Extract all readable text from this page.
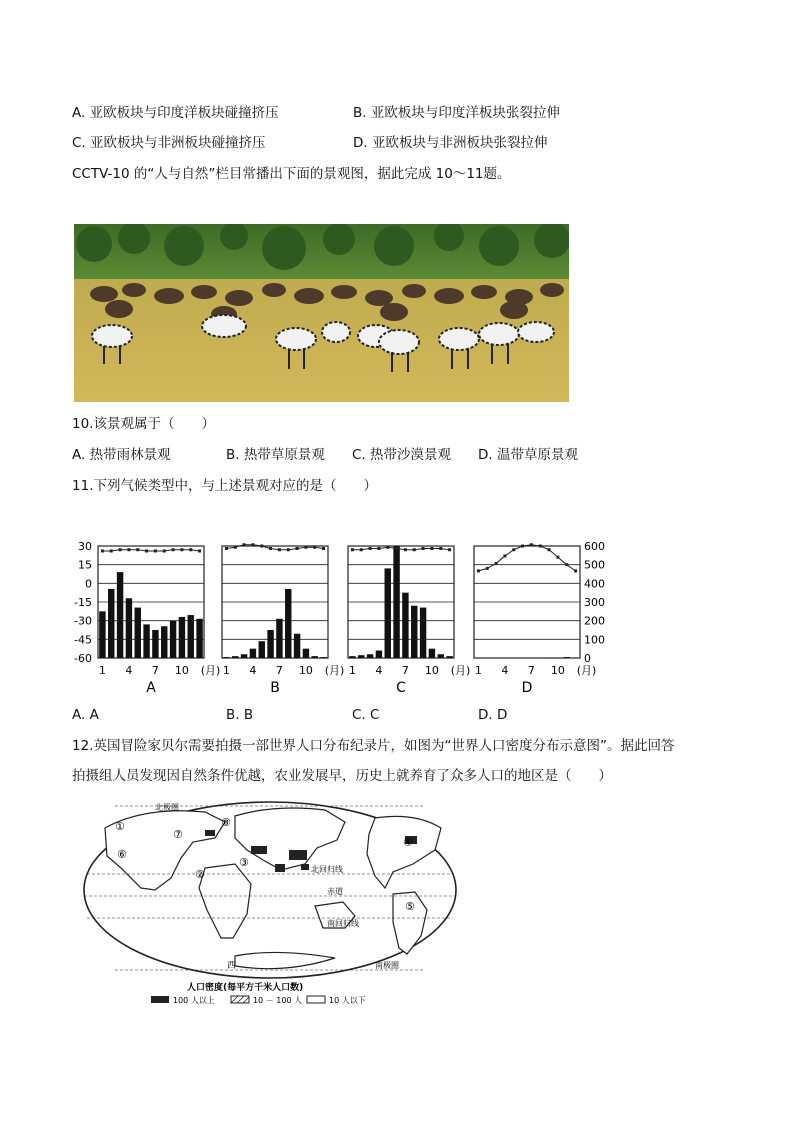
A. 亚欧板块与印度洋板块碰撞挤压	B. 亚欧板块与印度洋板块张裂拉伸
C. 亚欧板块与非洲板块碰撞挤压	D. 亚欧板块与非洲板块张裂拉伸
CCTV-10 的“人与自然”栏目常播出下面的景观图，据此完成 10～11题。
10.该景观属于（　　）
A. 热带雨林景观	B. 热带草原景观 C. 热带沙漠景观 D. 温带草原景观
11.下列气候类型中，与上述景观对应的是（　　）
30
15
0
-15
-30
-45
-60
600
500
400
300
200
100
0
1 4 7 10 (月)
A
1 4 7 10 (月)
B
1 4 7 10 (月)
C
1 4 7 10 (月)
D
A. A	B. B	C. C	D. D
12.英国冒险家贝尔需要拍摄一部世界人口分布纪录片，如图为“世界人口密度分布示意图”。据此回答
拍摄组人员发现因自然条件优越，农业发展早，历史上就养育了众多人口的地区是（　　）
北极圈
北回归线
赤道
南回归线
南极圈
西
①
②
③
④
⑤
⑥
⑦
⑧
人口密度(每平方千米人口数)
100 人以上	10 － 100 人	10 人以下
